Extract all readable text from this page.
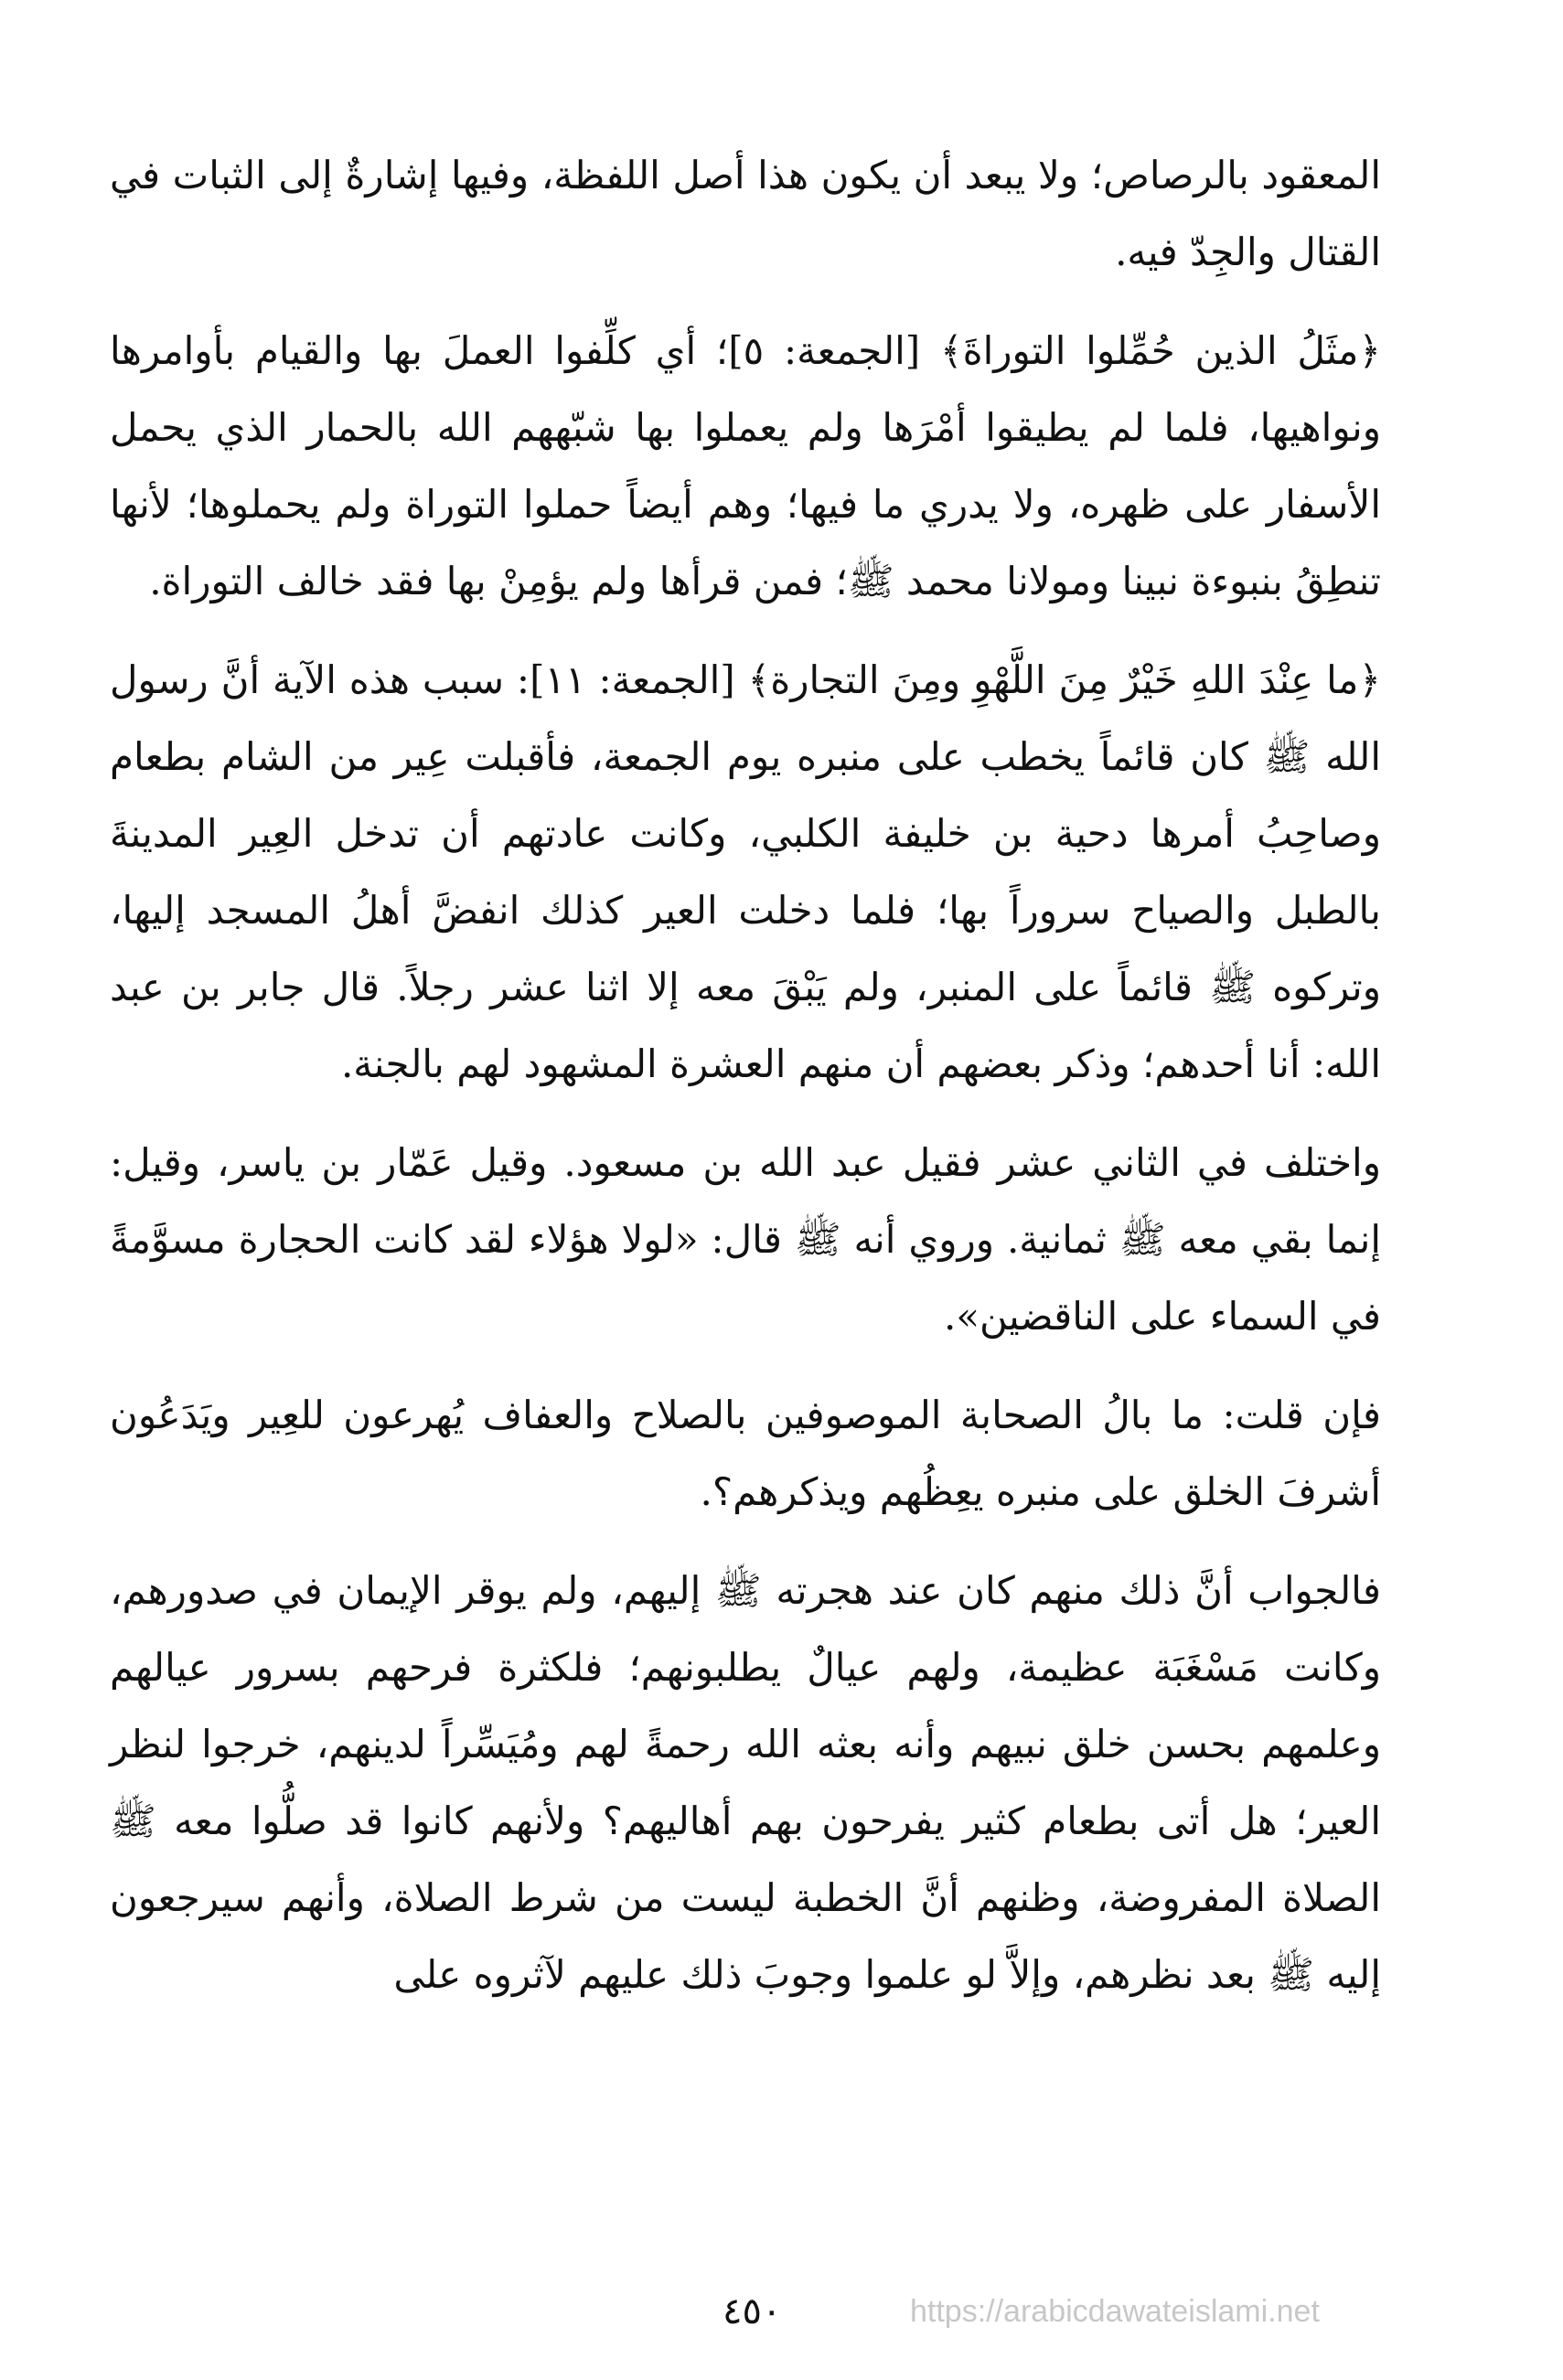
المعقود بالرصاص؛ ولا يبعد أن يكون هذا أصل اللفظة، وفيها إشارةٌ إلى الثبات في القتال والجِدّ فيه.

﴿مثَلُ الذين حُمِّلوا التوراةَ﴾ [الجمعة: ٥]؛ أي كلِّفوا العملَ بها والقيام بأوامرها ونواهيها، فلما لم يطيقوا أمْرَها ولم يعملوا بها شبّههم الله بالحمار الذي يحمل الأسفار على ظهره، ولا يدري ما فيها؛ وهم أيضاً حملوا التوراة ولم يحملوها؛ لأنها تنطِقُ بنبوءة نبينا ومولانا محمد ﷺ؛ فمن قرأها ولم يؤمِنْ بها فقد خالف التوراة.

﴿ما عِنْدَ اللهِ خَيْرٌ مِنَ اللَّهْوِ ومِنَ التجارة﴾ [الجمعة: ١١]: سبب هذه الآية أنَّ رسول الله ﷺ كان قائماً يخطب على منبره يوم الجمعة، فأقبلت عِير من الشام بطعام وصاحِبُ أمرها دحية بن خليفة الكلبي، وكانت عادتهم أن تدخل العِير المدينةَ بالطبل والصياح سروراً بها؛ فلما دخلت العير كذلك انفضَّ أهلُ المسجد إليها، وتركوه ﷺ قائماً على المنبر، ولم يَبْقَ معه إلا اثنا عشر رجلاً. قال جابر بن عبد الله: أنا أحدهم؛ وذكر بعضهم أن منهم العشرة المشهود لهم بالجنة.

واختلف في الثاني عشر فقيل عبد الله بن مسعود. وقيل عَمّار بن ياسر، وقيل: إنما بقي معه ﷺ ثمانية. وروي أنه ﷺ قال: «لولا هؤلاء لقد كانت الحجارة مسوَّمةً في السماء على الناقضين».

فإن قلت: ما بالُ الصحابة الموصوفين بالصلاح والعفاف يُهرعون للعِير ويَدَعُون أشرفَ الخلق على منبره يعِظُهم ويذكرهم؟.

فالجواب أنَّ ذلك منهم كان عند هجرته ﷺ إليهم، ولم يوقر الإيمان في صدورهم، وكانت مَسْغَبَة عظيمة، ولهم عيالٌ يطلبونهم؛ فلكثرة فرحهم بسرور عيالهم وعلمهم بحسن خلق نبيهم وأنه بعثه الله رحمةً لهم ومُيَسِّراً لدينهم، خرجوا لنظر العير؛ هل أتى بطعام كثير يفرحون بهم أهاليهم؟ ولأنهم كانوا قد صلُّوا معه ﷺ الصلاة المفروضة، وظنهم أنَّ الخطبة ليست من شرط الصلاة، وأنهم سيرجعون إليه ﷺ بعد نظرهم، وإلاَّ لو علموا وجوبَ ذلك عليهم لآثروه على

٤٥٠	https://arabicdawateislami.net
